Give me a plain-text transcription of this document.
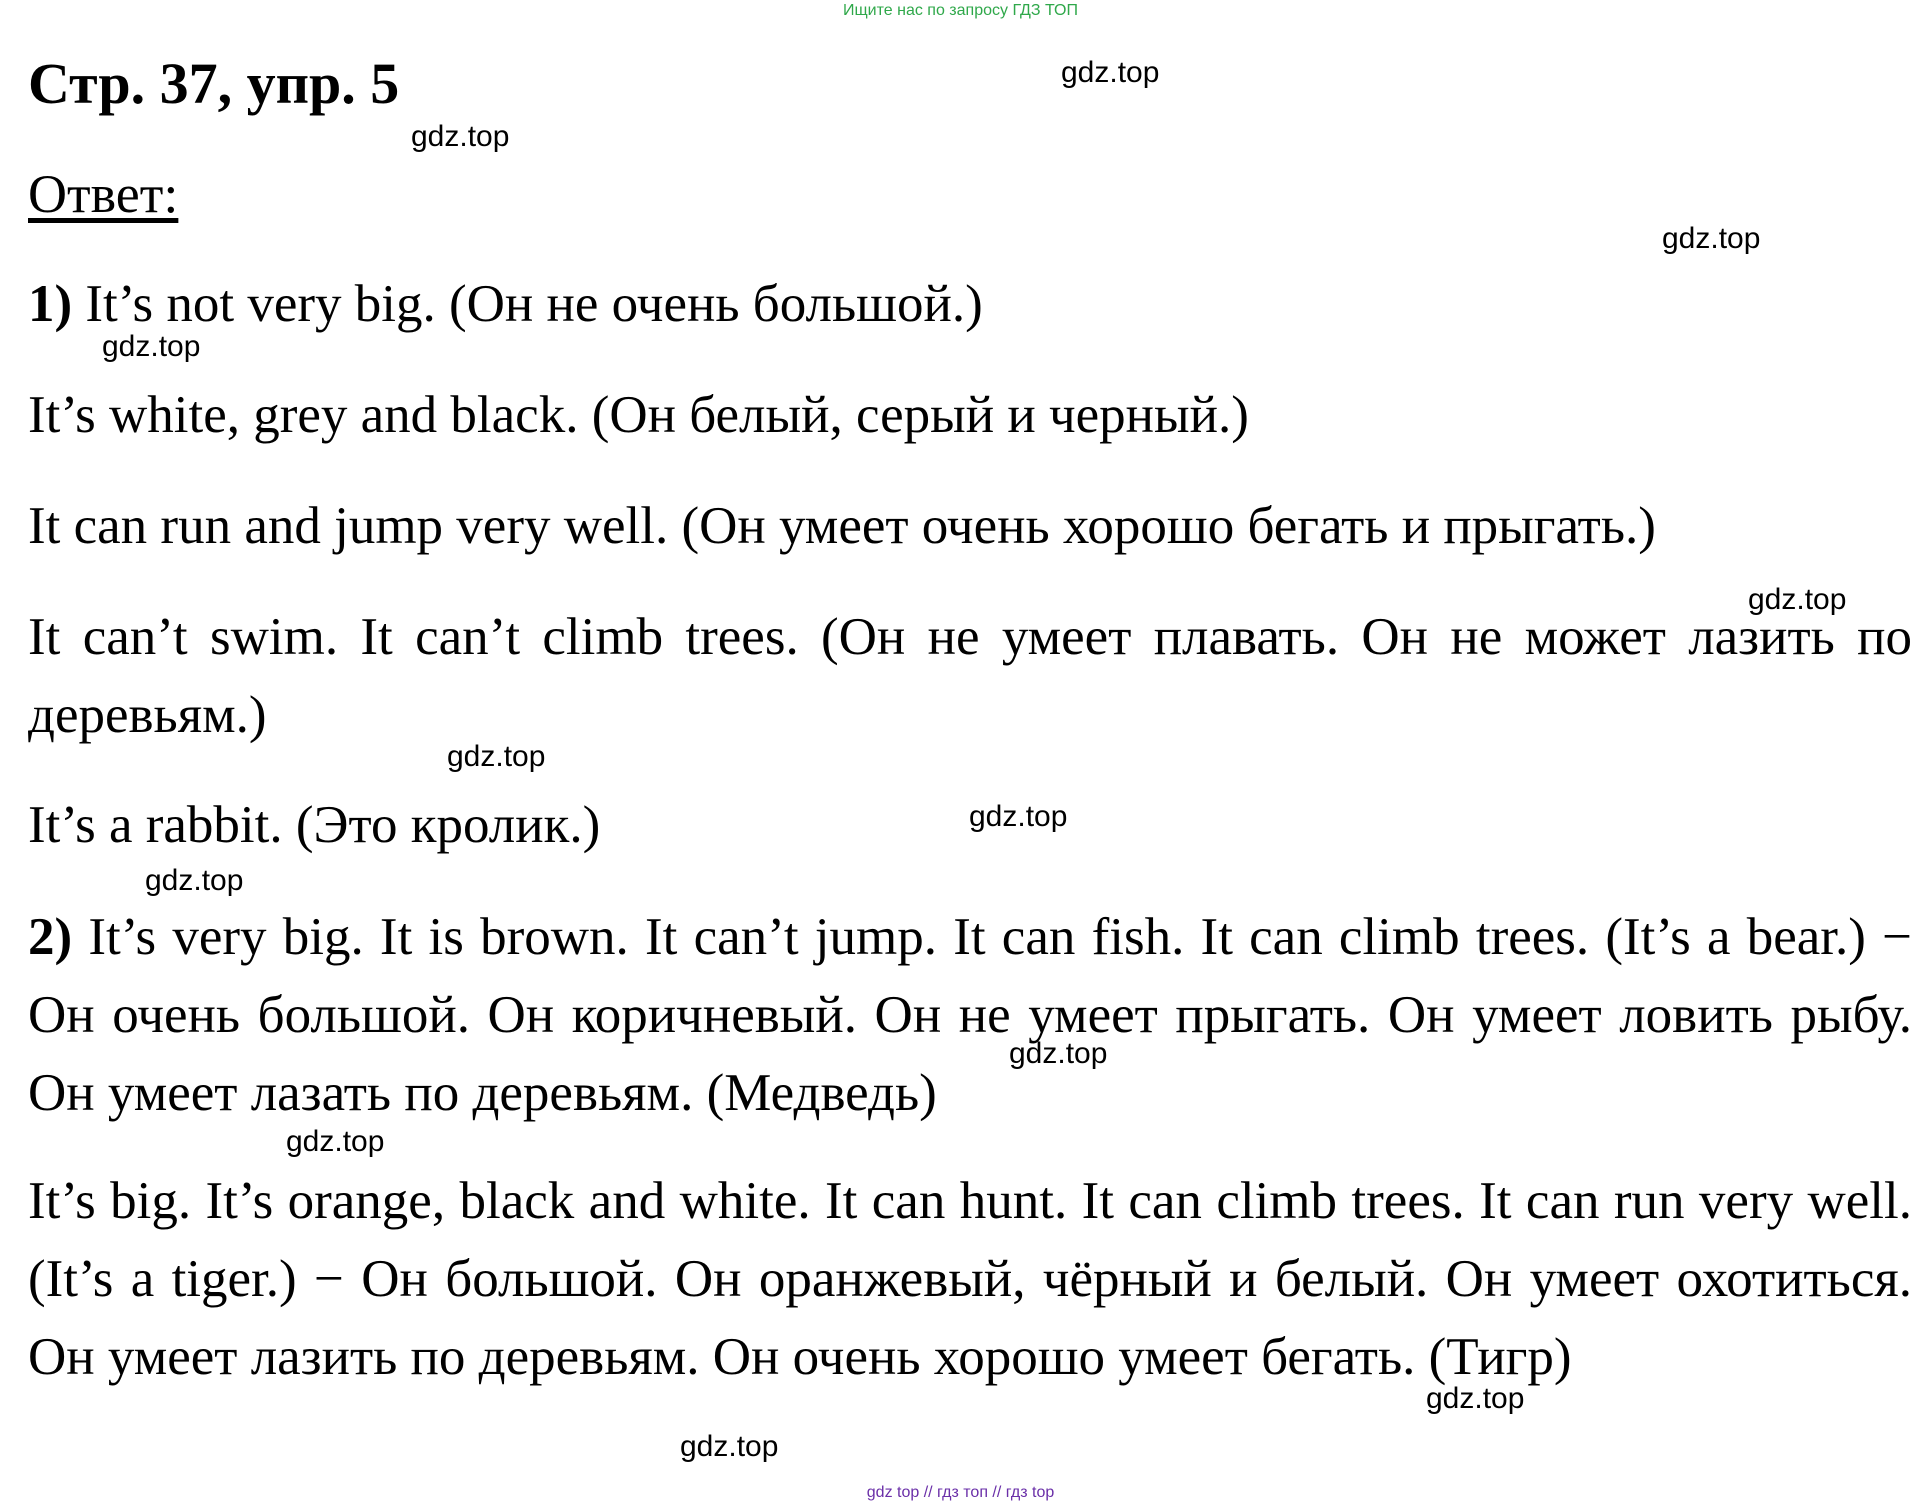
Ищите нас по запросу ГДЗ ТОП
Стр. 37, упр. 5
Ответ:

1) It’s not very big. (Он не очень большой.)

It’s white, grey and black. (Он белый, серый и черный.)

It can run and jump very well. (Он умеет очень хорошо бегать и прыгать.)

It can’t swim. It can’t climb trees. (Он не умеет плавать. Он не может лазить по деревьям.)

It’s a rabbit. (Это кролик.)

2) It’s very big. It is brown. It can’t jump. It can fish. It can climb trees. (It’s a bear.) − Он очень большой. Он коричневый. Он не умеет прыгать. Он умеет ловить рыбу. Он умеет лазать по деревьям. (Медведь)

It’s big. It’s orange, black and white. It can hunt. It can climb trees. It can run very well. (It’s a tiger.) − Он большой. Он оранжевый, чёрный и белый. Он умеет охотиться. Он умеет лазить по деревьям. Он очень хорошо умеет бегать. (Тигр)

gdz.top
gdz.top
gdz.top
gdz.top
gdz.top
gdz.top
gdz.top
gdz.top
gdz.top
gdz.top
gdz.top
gdz.top
gdz top // гдз топ // гдз top
